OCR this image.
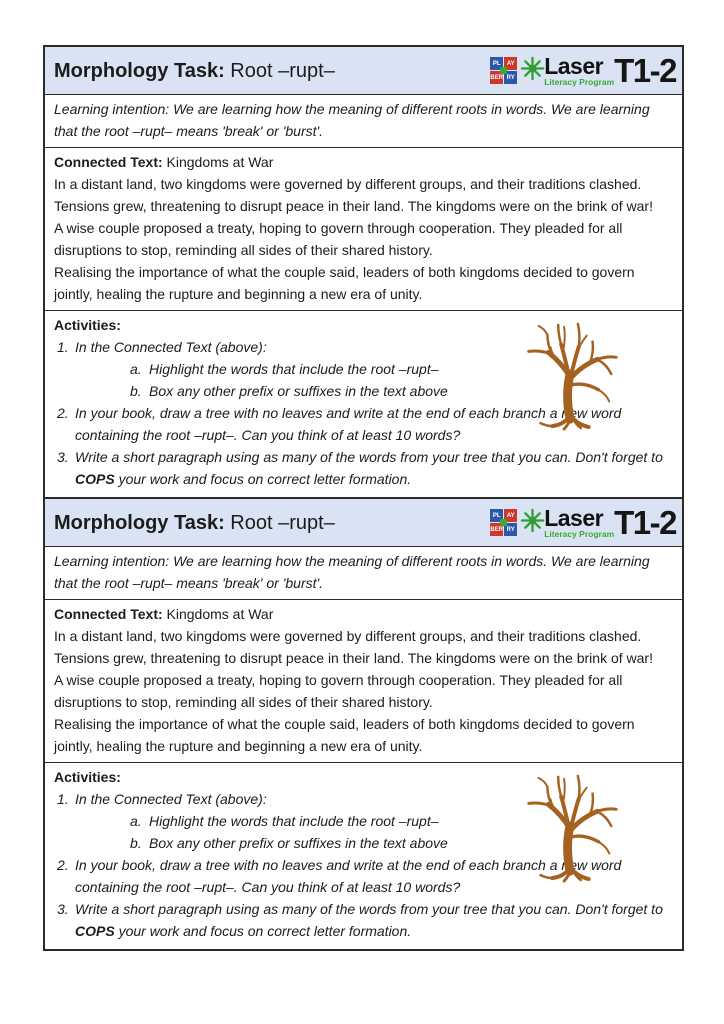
Morphology Task: Root –rupt–	PL	AY
BER RY Laser
Literacy Program T1-2

Learning intention: We are learning how the meaning of different roots in words. We are learning that the root –rupt– means 'break' or 'burst'.

Connected Text: Kingdoms at War

In a distant land, two kingdoms were governed by different groups, and their traditions clashed. Tensions grew, threatening to disrupt peace in their land. The kingdoms were on the brink of war!

A wise couple proposed a treaty, hoping to govern through cooperation. They pleaded for all disruptions to stop, reminding all sides of their shared history.

Realising the importance of what the couple said, leaders of both kingdoms decided to govern jointly, healing the rupture and beginning a new era of unity.

Activities:

1. In the Connected Text (above):
a. Highlight the words that include the root –rupt–
b. Box any other prefix or suffixes in the text above
2. In your book, draw a tree with no leaves and write at the end of each branch a new word containing the root –rupt–. Can you think of at least 10 words?
3. Write a short paragraph using as many of the words from your tree that you can. Don't forget to COPS your work and focus on correct letter formation.
Morphology Task: Root –rupt–	PL	AY
BER RY Laser
Literacy Program T1-2

Learning intention: We are learning how the meaning of different roots in words. We are learning that the root –rupt– means 'break' or 'burst'.

Connected Text: Kingdoms at War

In a distant land, two kingdoms were governed by different groups, and their traditions clashed. Tensions grew, threatening to disrupt peace in their land. The kingdoms were on the brink of war!

A wise couple proposed a treaty, hoping to govern through cooperation. They pleaded for all disruptions to stop, reminding all sides of their shared history.

Realising the importance of what the couple said, leaders of both kingdoms decided to govern jointly, healing the rupture and beginning a new era of unity.

Activities:

1. In the Connected Text (above):
a. Highlight the words that include the root –rupt–
b. Box any other prefix or suffixes in the text above
2. In your book, draw a tree with no leaves and write at the end of each branch a new word containing the root –rupt–. Can you think of at least 10 words?
3. Write a short paragraph using as many of the words from your tree that you can. Don't forget to COPS your work and focus on correct letter formation.
